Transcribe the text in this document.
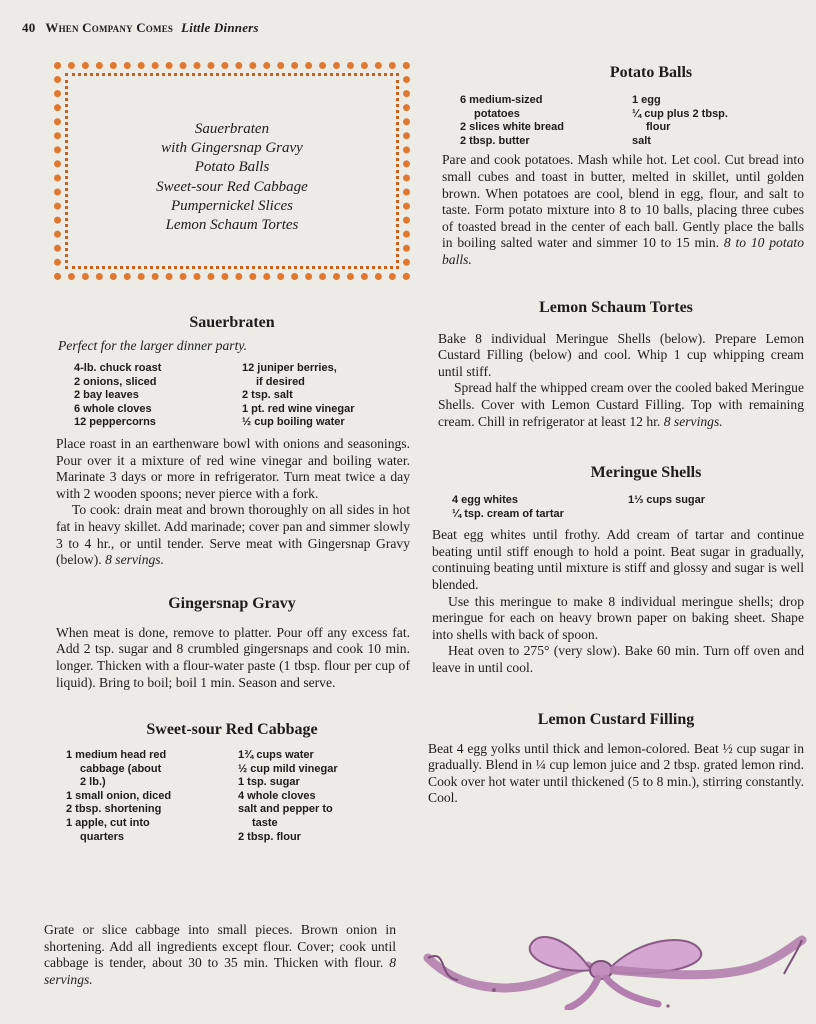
40 When Company Comes Little Dinners
Sauerbraten
with Gingersnap Gravy
Potato Balls
Sweet-sour Red Cabbage
Pumpernickel Slices
Lemon Schaum Tortes
Sauerbraten
Perfect for the larger dinner party.
4-lb. chuck roast
2 onions, sliced
2 bay leaves
6 whole cloves
12 peppercorns
12 juniper berries,
if desired
2 tsp. salt
1 pt. red wine vinegar
½ cup boiling water

Place roast in an earthenware bowl with onions and seasonings. Pour over it a mixture of red wine vinegar and boiling water. Marinate 3 days or more in refrigerator. Turn meat twice a day with 2 wooden spoons; never pierce with a fork.

To cook: drain meat and brown thoroughly on all sides in hot fat in heavy skillet. Add marinade; cover pan and simmer slowly 3 to 4 hr., or until tender. Serve meat with Gingersnap Gravy (below). 8 servings.

Gingersnap Gravy

When meat is done, remove to platter. Pour off any excess fat. Add 2 tsp. sugar and 8 crumbled gingersnaps and cook 10 min. longer. Thicken with a flour-water paste (1 tbsp. flour per cup of liquid). Bring to boil; boil 1 min. Season and serve.

Sweet-sour Red Cabbage
1 medium head red
cabbage (about
2 lb.)
1 small onion, diced
2 tbsp. shortening
1 apple, cut into
quarters
1¾ cups water
½ cup mild vinegar
1 tsp. sugar
4 whole cloves
salt and pepper to
taste
2 tbsp. flour

Grate or slice cabbage into small pieces. Brown onion in shortening. Add all ingredients except flour. Cover; cook until cabbage is tender, about 30 to 35 min. Thicken with flour. 8 servings.

Potato Balls
6 medium-sized
potatoes
2 slices white bread
2 tbsp. butter
1 egg
¼ cup plus 2 tbsp.
flour
salt

Pare and cook potatoes. Mash while hot. Let cool. Cut bread into small cubes and toast in butter, melted in skillet, until golden brown. When potatoes are cool, blend in egg, flour, and salt to taste. Form potato mixture into 8 to 10 balls, placing three cubes of toasted bread in the center of each ball. Gently place the balls in boiling salted water and simmer 10 to 15 min. 8 to 10 potato balls.

Lemon Schaum Tortes

Bake 8 individual Meringue Shells (below). Prepare Lemon Custard Filling (below) and cool. Whip 1 cup whipping cream until stiff.

Spread half the whipped cream over the cooled baked Meringue Shells. Cover with Lemon Custard Filling. Top with remaining cream. Chill in refrigerator at least 12 hr. 8 servings.

Meringue Shells
4 egg whites
¼ tsp. cream of tartar
1⅓ cups sugar

Beat egg whites until frothy. Add cream of tartar and continue beating until stiff enough to hold a point. Beat sugar in gradually, continuing beating until mixture is stiff and glossy and sugar is well blended.

Use this meringue to make 8 individual meringue shells; drop meringue for each on heavy brown paper on baking sheet. Shape into shells with back of spoon.

Heat oven to 275° (very slow). Bake 60 min. Turn off oven and leave in until cool.

Lemon Custard Filling

Beat 4 egg yolks until thick and lemon-colored. Beat ½ cup sugar in gradually. Blend in ¼ cup lemon juice and 2 tbsp. grated lemon rind. Cook over hot water until thickened (5 to 8 min.), stirring constantly. Cool.
